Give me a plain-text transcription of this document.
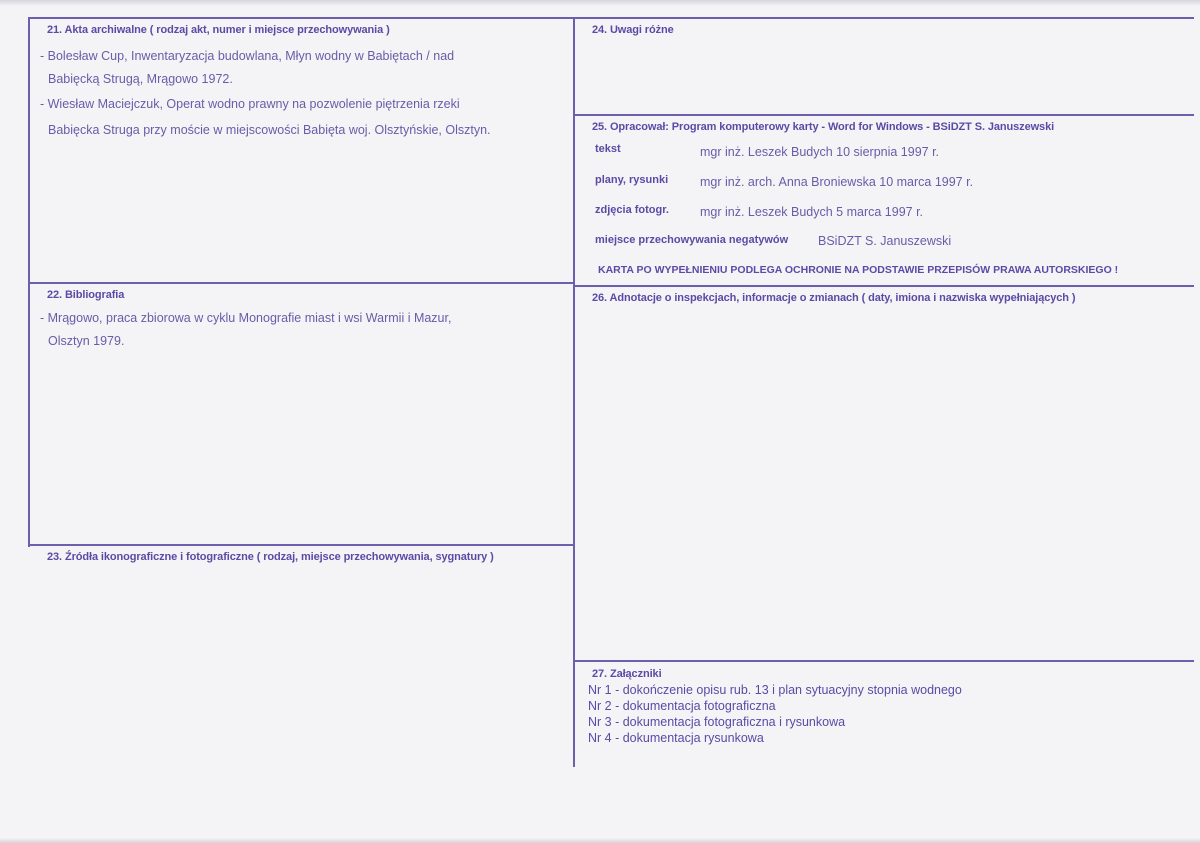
21. Akta archiwalne ( rodzaj akt, numer i miejsce przechowywania )
- Bolesław Cup, Inwentaryzacja budowlana, Młyn wodny w Babiętach / nad
Babięcką Strugą, Mrągowo 1972.
- Wiesław Maciejczuk, Operat wodno prawny na pozwolenie piętrzenia rzeki
Babięcka Struga przy moście w miejscowości Babięta woj. Olsztyńskie, Olsztyn.
22. Bibliografia
- Mrągowo, praca zbiorowa w cyklu Monografie miast i wsi Warmii i Mazur,
Olsztyn 1979.
23. Źródła ikonograficzne i fotograficzne ( rodzaj, miejsce przechowywania, sygnatury )
24. Uwagi różne
25. Opracował: Program komputerowy karty - Word for Windows - BSiDZT S. Januszewski
tekst	mgr inż. Leszek Budych 10 sierpnia 1997 r.
plany, rysunki	mgr inż. arch. Anna Broniewska 10 marca 1997 r.
zdjęcia fotogr. mgr inż. Leszek Budych 5 marca 1997 r.
miejsce przechowywania negatywów BSiDZT S. Januszewski
KARTA PO WYPEŁNIENIU PODLEGA OCHRONIE NA PODSTAWIE PRZEPISÓW PRAWA AUTORSKIEGO !
26. Adnotacje o inspekcjach, informacje o zmianach ( daty, imiona i nazwiska wypełniających )
27. Załączniki
Nr 1 - dokończenie opisu rub. 13 i plan sytuacyjny stopnia wodnego
Nr 2 - dokumentacja fotograficzna
Nr 3 - dokumentacja fotograficzna i rysunkowa
Nr 4 - dokumentacja rysunkowa
